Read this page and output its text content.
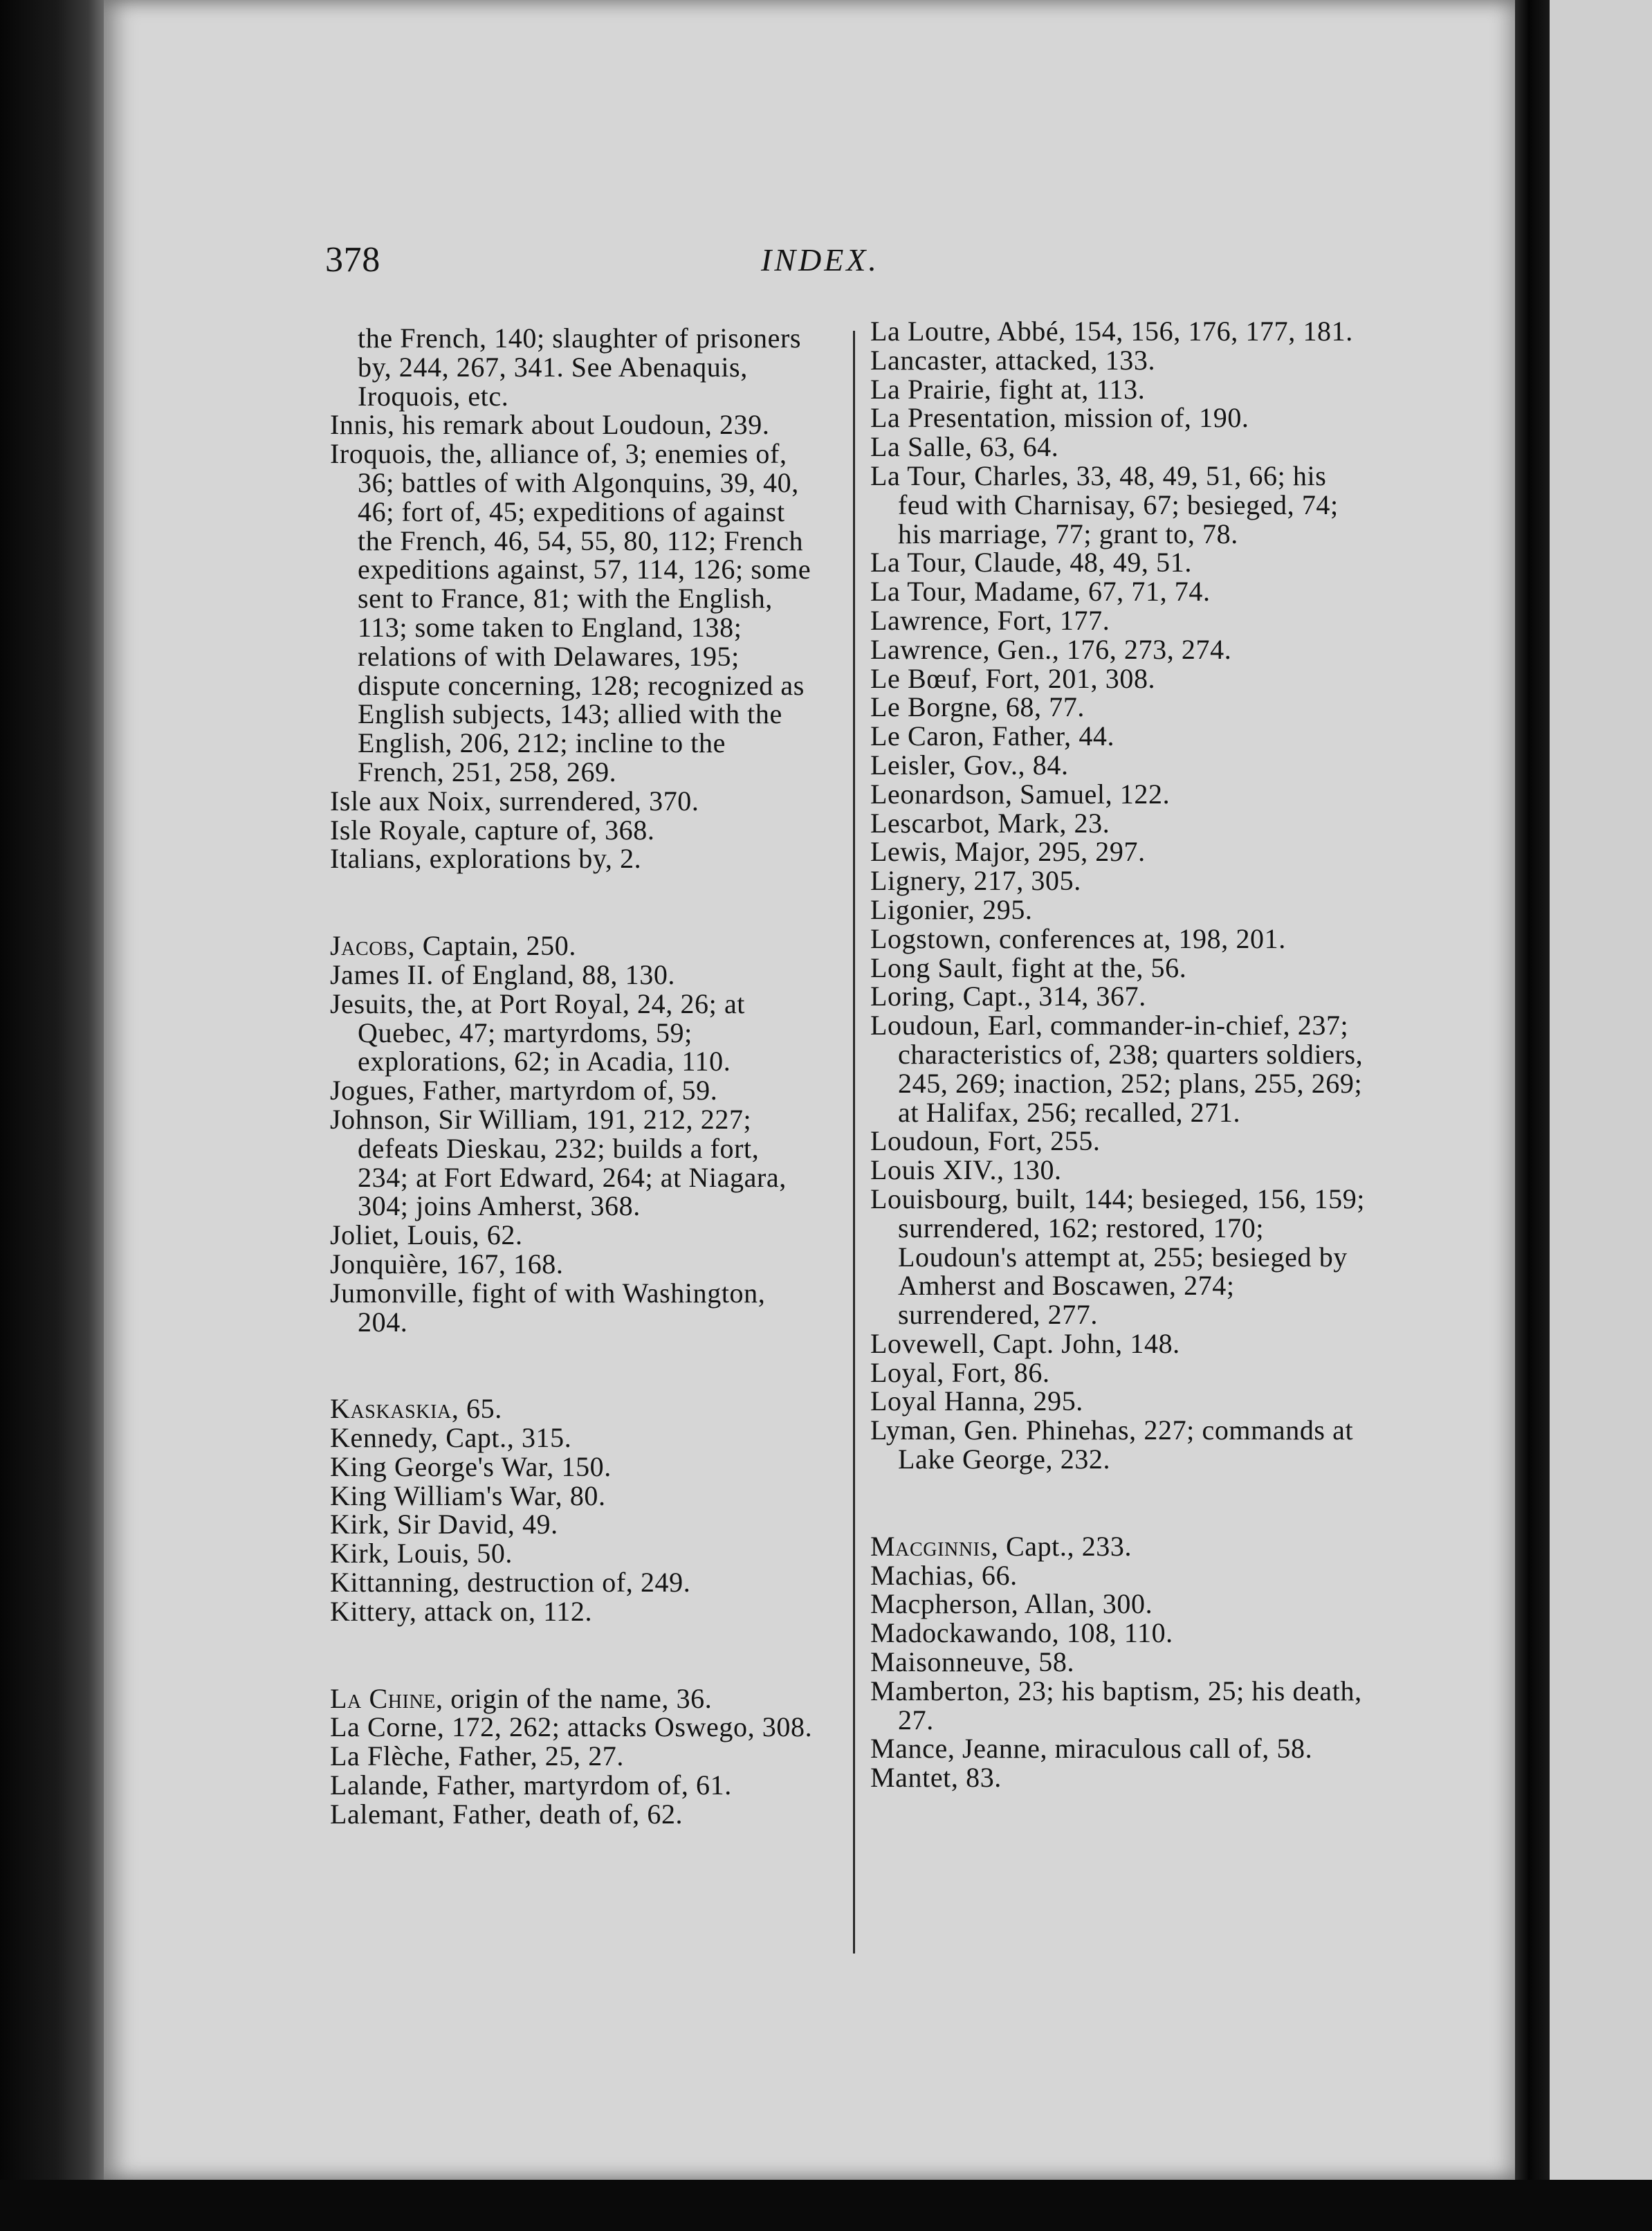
378	INDEX.
the French, 140; slaughter of prisoners by, 244, 267, 341. See Abenaquis, Iroquois, etc.
Innis, his remark about Loudoun, 239.
Iroquois, the, alliance of, 3; enemies of, 36; battles of with Algonquins, 39, 40, 46; fort of, 45; expeditions of against the French, 46, 54, 55, 80, 112; French expeditions against, 57, 114, 126; some sent to France, 81; with the English, 113; some taken to England, 138; relations of with Delawares, 195; dispute concerning, 128; recognized as English subjects, 143; allied with the English, 206, 212; incline to the French, 251, 258, 269.
Isle aux Noix, surrendered, 370.
Isle Royale, capture of, 368.
Italians, explorations by, 2.
Jacobs, Captain, 250.
James II. of England, 88, 130.
Jesuits, the, at Port Royal, 24, 26; at Quebec, 47; martyrdoms, 59; explorations, 62; in Acadia, 110.
Jogues, Father, martyrdom of, 59.
Johnson, Sir William, 191, 212, 227; defeats Dieskau, 232; builds a fort, 234; at Fort Edward, 264; at Niagara, 304; joins Amherst, 368.
Joliet, Louis, 62.
Jonquière, 167, 168.
Jumonville, fight of with Washington, 204.
Kaskaskia, 65.
Kennedy, Capt., 315.
King George's War, 150.
King William's War, 80.
Kirk, Sir David, 49.
Kirk, Louis, 50.
Kittanning, destruction of, 249.
Kittery, attack on, 112.
La Chine, origin of the name, 36.
La Corne, 172, 262; attacks Oswego, 308.
La Flèche, Father, 25, 27.
Lalande, Father, martyrdom of, 61.
Lalemant, Father, death of, 62.
La Loutre, Abbé, 154, 156, 176, 177, 181.
Lancaster, attacked, 133.
La Prairie, fight at, 113.
La Presentation, mission of, 190.
La Salle, 63, 64.
La Tour, Charles, 33, 48, 49, 51, 66; his feud with Charnisay, 67; besieged, 74; his marriage, 77; grant to, 78.
La Tour, Claude, 48, 49, 51.
La Tour, Madame, 67, 71, 74.
Lawrence, Fort, 177.
Lawrence, Gen., 176, 273, 274.
Le Bœuf, Fort, 201, 308.
Le Borgne, 68, 77.
Le Caron, Father, 44.
Leisler, Gov., 84.
Leonardson, Samuel, 122.
Lescarbot, Mark, 23.
Lewis, Major, 295, 297.
Lignery, 217, 305.
Ligonier, 295.
Logstown, conferences at, 198, 201.
Long Sault, fight at the, 56.
Loring, Capt., 314, 367.
Loudoun, Earl, commander-in-chief, 237; characteristics of, 238; quarters soldiers, 245, 269; inaction, 252; plans, 255, 269; at Halifax, 256; recalled, 271.
Loudoun, Fort, 255.
Louis XIV., 130.
Louisbourg, built, 144; besieged, 156, 159; surrendered, 162; restored, 170; Loudoun's attempt at, 255; besieged by Amherst and Boscawen, 274; surrendered, 277.
Lovewell, Capt. John, 148.
Loyal, Fort, 86.
Loyal Hanna, 295.
Lyman, Gen. Phinehas, 227; commands at Lake George, 232.
Macginnis, Capt., 233.
Machias, 66.
Macpherson, Allan, 300.
Madockawando, 108, 110.
Maisonneuve, 58.
Mamberton, 23; his baptism, 25; his death, 27.
Mance, Jeanne, miraculous call of, 58.
Mantet, 83.
